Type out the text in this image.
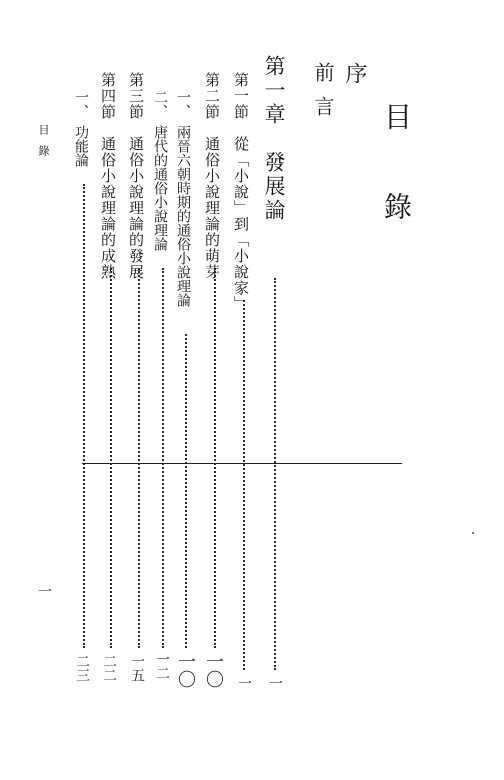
目
錄
序
前言
第一章　發展論
一
第一節　從「小說」到「小說家」
一
第二節　通俗小說理論的萌芽
一〇
一、　兩晉六朝時期的通俗小說理論
一〇
二、　唐代的通俗小說理論
一二
第三節　通俗小說理論的發展
一五
第四節　通俗小說理論的成熟
二二
一、　功能論
二三
目錄
一
